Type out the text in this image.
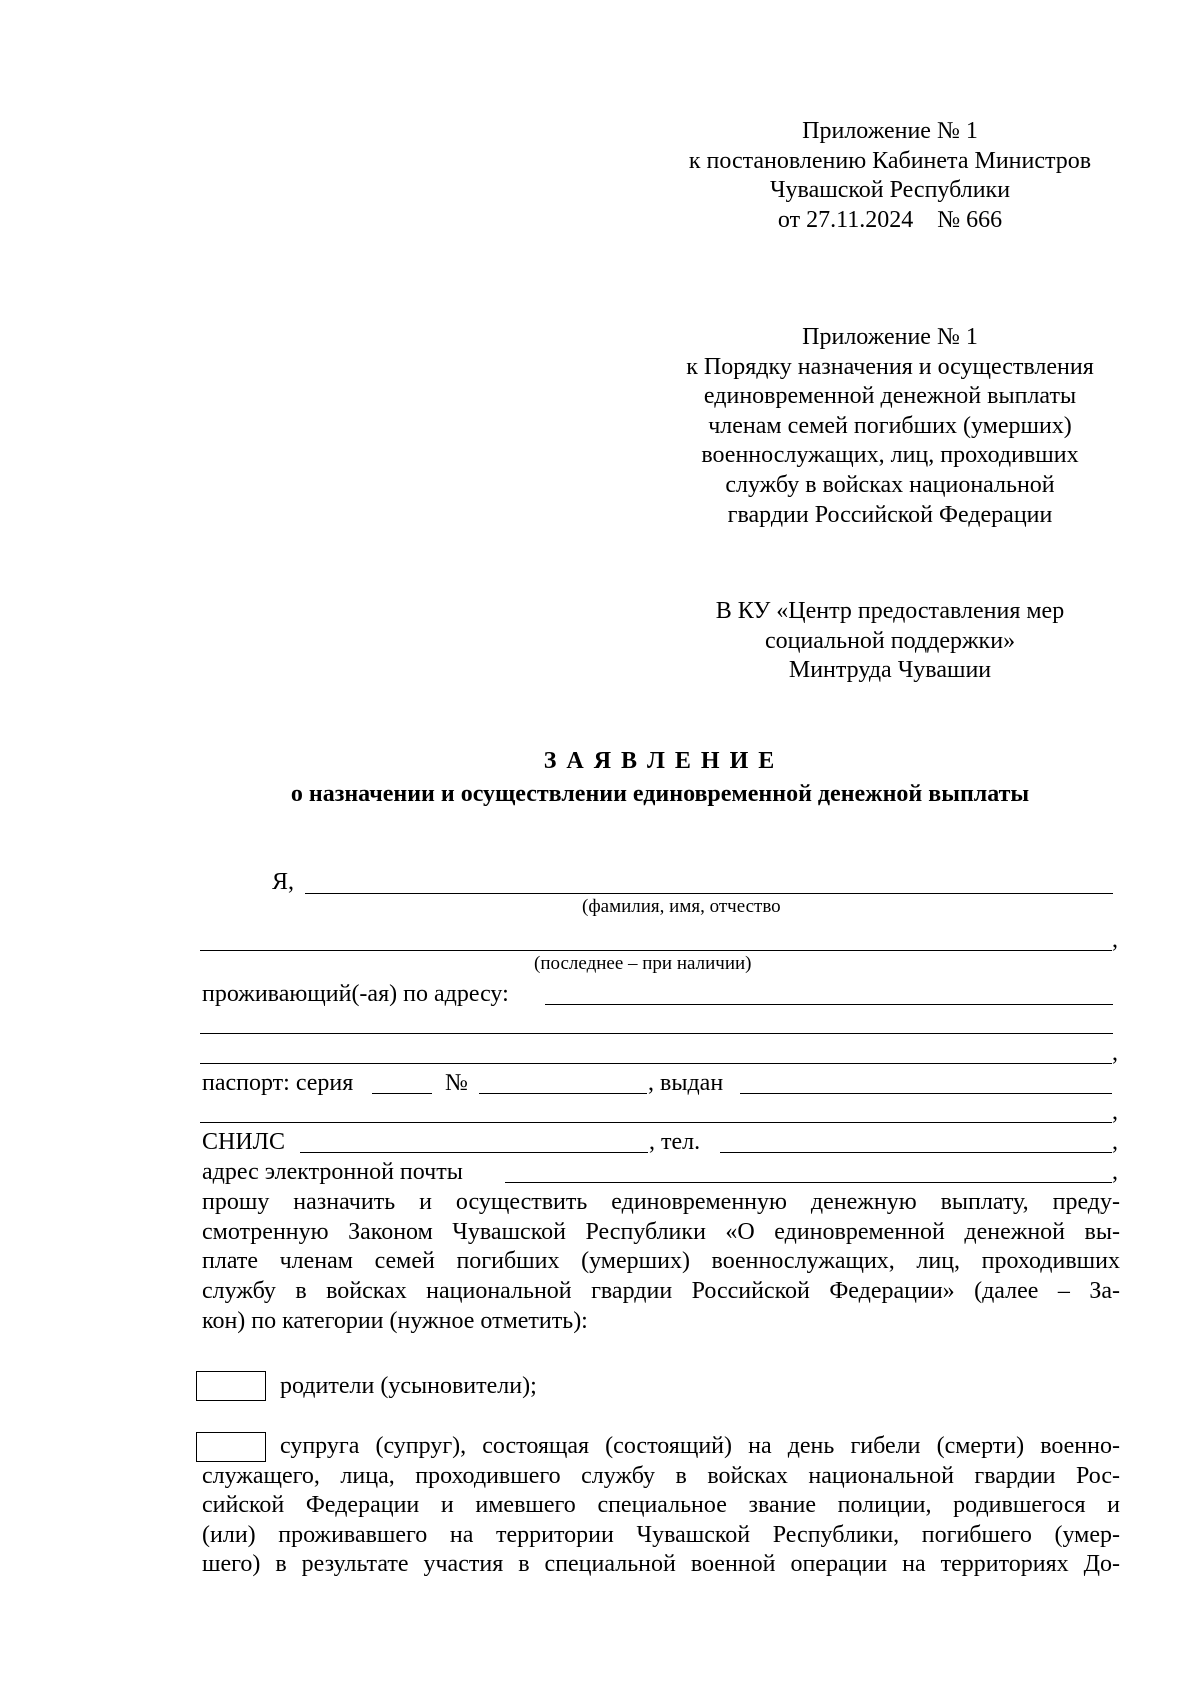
Приложение № 1
к постановлению Кабинета Министров
Чувашской Республики
от 27.11.2024    № 666
Приложение № 1
к Порядку назначения и осуществления
единовременной денежной выплаты
членам семей погибших (умерших)
военнослужащих, лиц, проходивших
службу в войсках национальной
гвардии Российской Федерации
В КУ «Центр предоставления мер
социальной поддержки»
Минтруда Чувашии
З А Я В Л Е Н И Е
о назначении и осуществлении единовременной денежной выплаты
Я,
(фамилия, имя, отчество
,
(последнее – при наличии)
проживающий(-ая) по адресу:
,
паспорт: серия	№	, выдан
,
СНИЛС	, тел.	,
адрес электронной почты	,
прошу назначить и осуществить единовременную денежную выплату, преду-
смотренную Законом Чувашской Республики «О единовременной денежной вы-
плате членам семей погибших (умерших) военнослужащих, лиц, проходивших
службу в войсках национальной гвардии Российской Федерации» (далее – За-
кон) по категории (нужное отметить):
родители (усыновители);
супруга (супруг), состоящая (состоящий) на день гибели (смерти) военно-
служащего, лица, проходившего службу в войсках национальной гвардии Рос-
сийской Федерации и имевшего специальное звание полиции, родившегося и
(или) проживавшего на территории Чувашской Республики, погибшего (умер-
шего) в результате участия в специальной военной операции на территориях До-
